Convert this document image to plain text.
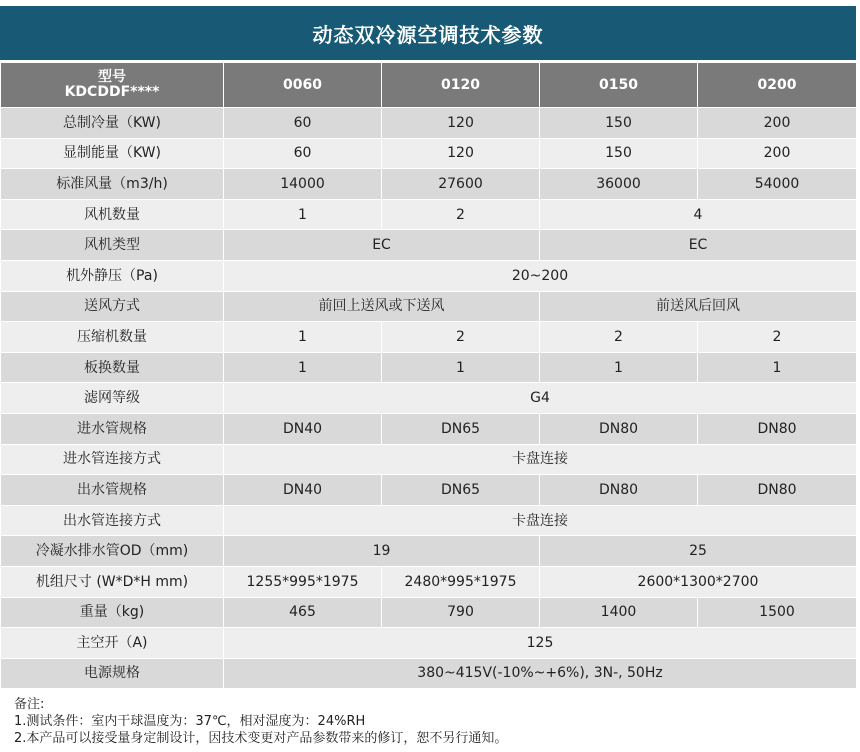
动态双冷源空调技术参数
型号
KDCDDF****	0060	0120	0150	0200
总制冷量（KW)	60	120	150	200
显制能量（KW)	60	120	150	200
标准风量（m3/h)	14000	27600	36000	54000
风机数量	1	2	4	
风机类型	EC		EC	
机外静压（Pa)	20~200			
送风方式	前回上送风或下送风		前送风后回风	
压缩机数量	1	2	2	2
板换数量	1	1	1	1
滤网等级	G4			
进水管规格	DN40	DN65	DN80	DN80
进水管连接方式	卡盘连接			
出水管规格	DN40	DN65	DN80	DN80
出水管连接方式	卡盘连接			
冷凝水排水管OD（mm)	19		25	
机组尺寸 (W*D*H mm)	1255*995*1975	2480*995*1975	2600*1300*2700	
重量（kg)	465	790	1400	1500
主空开（A)	125			
电源规格	380~415V(-10%~+6%), 3N-, 50Hz			
备注:
1.测试条件：室内干球温度为：37℃，相对湿度为：24%RH
2.本产品可以接受量身定制设计，因技术变更对产品参数带来的修订，恕不另行通知。
